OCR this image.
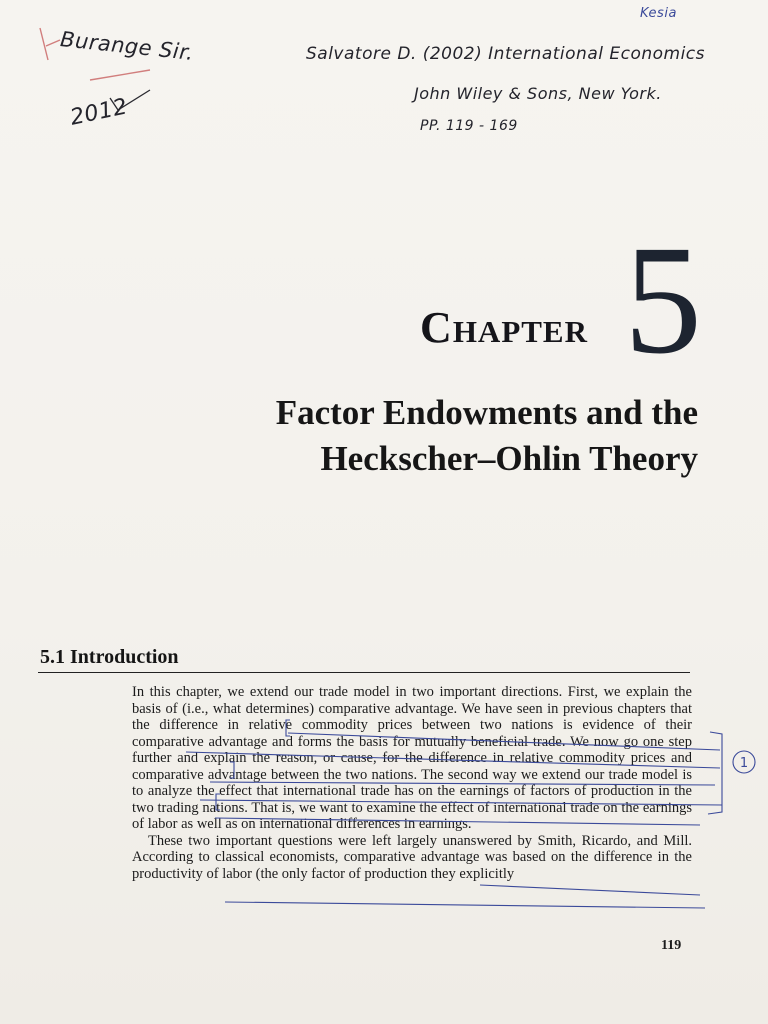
Burange Sir.
2012
Salvatore D. (2002) International Economics
John Wiley & Sons, New York.
PP. 119 - 169
Kesia
5
Chapter
Factor Endowments and the
Heckscher–Ohlin Theory
5.1 Introduction

In this chapter, we extend our trade model in two important directions. First, we explain the basis of (i.e., what determines) comparative advantage. We have seen in previous chapters that the difference in relative commodity prices between two nations is evidence of their comparative advantage and forms the basis for mutually beneficial trade. We now go one step further and explain the reason, or cause, for the difference in relative commodity prices and comparative advantage between the two nations. The second way we extend our trade model is to analyze the effect that international trade has on the earnings of factors of production in the two trading nations. That is, we want to examine the effect of international trade on the earnings of labor as well as on international differences in earnings.

These two important questions were left largely unanswered by Smith, Ricardo, and Mill. According to classical economists, comparative advantage was based on the difference in the productivity of labor (the only factor of production they explicitly

119
1
